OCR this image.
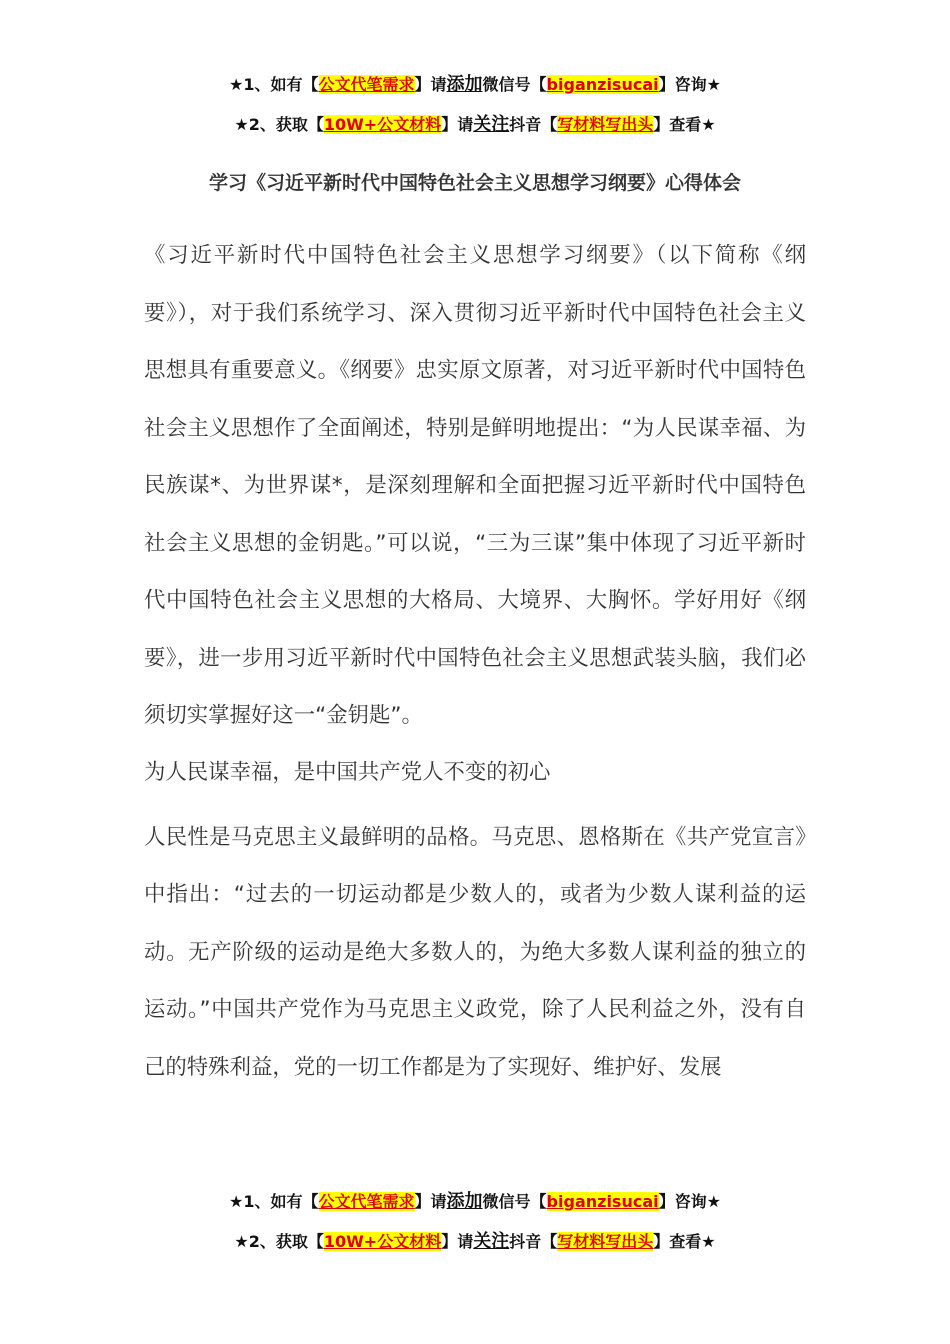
★1、如有【公文代笔需求】请添加微信号【biganzisucai】咨询★
★2、获取【10W+公文材料】请关注抖音【写材料写出头】查看★
学习《习近平新时代中国特色社会主义思想学习纲要》心得体会

《习近平新时代中国特色社会主义思想学习纲要》（以下简称《纲要》），对于我们系统学习、深入贯彻习近平新时代中国特色社会主义思想具有重要意义。《纲要》忠实原文原著，对习近平新时代中国特色社会主义思想作了全面阐述，特别是鲜明地提出：“为人民谋幸福、为民族谋*、为世界谋*，是深刻理解和全面把握习近平新时代中国特色社会主义思想的金钥匙。”可以说，“三为三谋”集中体现了习近平新时代中国特色社会主义思想的大格局、大境界、大胸怀。学好用好《纲要》，进一步用习近平新时代中国特色社会主义思想武装头脑，我们必须切实掌握好这一“金钥匙”。

为人民谋幸福，是中国共产党人不变的初心

人民性是马克思主义最鲜明的品格。马克思、恩格斯在《共产党宣言》中指出：“过去的一切运动都是少数人的，或者为少数人谋利益的运动。无产阶级的运动是绝大多数人的，为绝大多数人谋利益的独立的运动。”中国共产党作为马克思主义政党，除了人民利益之外，没有自己的特殊利益，党的一切工作都是为了实现好、维护好、发展

★1、如有【公文代笔需求】请添加微信号【biganzisucai】咨询★
★2、获取【10W+公文材料】请关注抖音【写材料写出头】查看★
